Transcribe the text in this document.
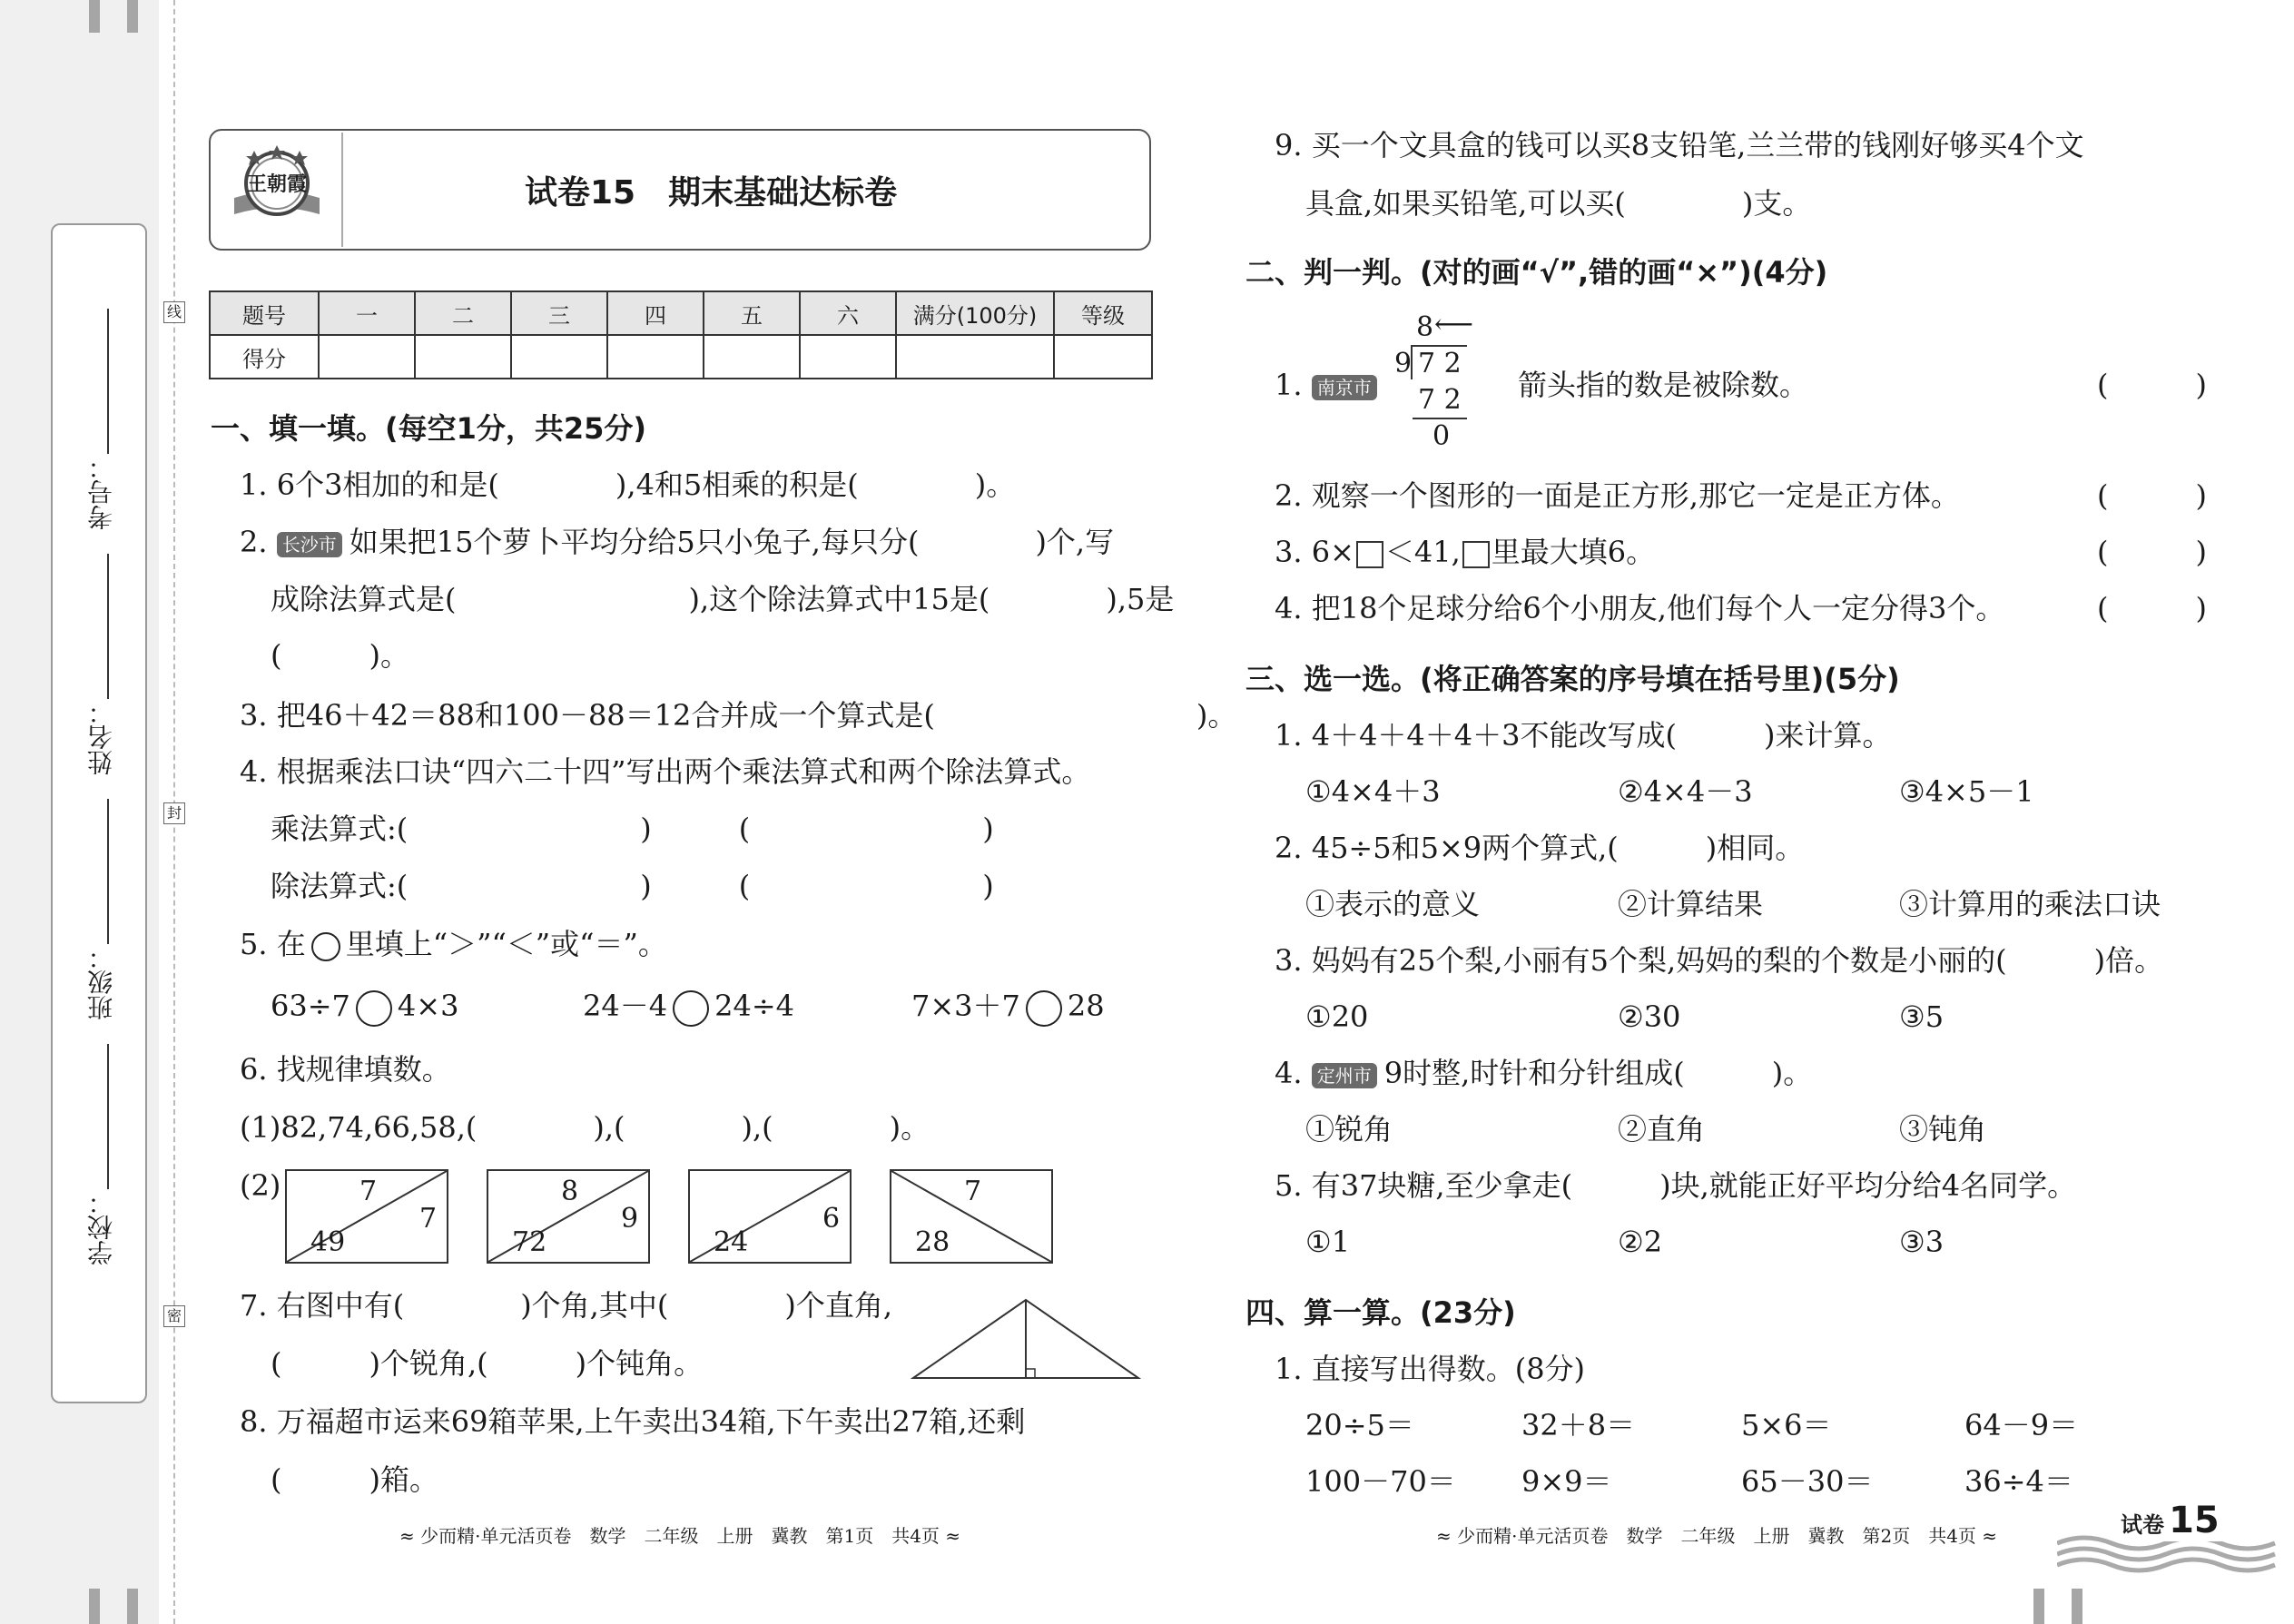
线
封
密
考号：
姓名：
班级：
学校：
王朝霞	试卷15　期末基础达标卷
题号	一	二	三	四	五	六	满分(100分)	等级
得分								
一、填一填。(每空1分，共25分)
1. 6个3相加的和是(　　　　),4和5相乘的积是(　　　　)。
2. 长沙市 如果把15个萝卜平均分给5只小兔子,每只分(　　　　)个,写
成除法算式是(　　　　　　　　),这个除法算式中15是(　　　　),5是
(　　　)。
3. 把46＋42＝88和100－88＝12合并成一个算式是(　　　　　　　　　)。
4. 根据乘法口诀“四六二十四”写出两个乘法算式和两个除法算式。
乘法算式:(　　　　　　　　)　　　(　　　　　　　　)
除法算式:(　　　　　　　　)　　　(　　　　　　　　)
5. 在 里填上“＞”“＜”或“＝”。
63÷7 4×3	24－4 24÷4	7×3＋7 28
6. 找规律填数。
(1)82,74,66,58,(　　　　),(　　　　),(　　　　)。
(2)	7
7
49
8
9
72
6
24
7
28
7. 右图中有(　　　　)个角,其中(　　　　)个直角,
(　　　)个锐角,(　　　)个钝角。
8. 万福超市运来69箱苹果,上午卖出34箱,下午卖出27箱,还剩
(　　　)箱。
≈ 少而精·单元活页卷　数学　二年级　上册　冀教　第1页　共4页 ≈
9. 买一个文具盒的钱可以买8支铅笔,兰兰带的钱刚好够买4个文
具盒,如果买铅笔,可以买(　　　　)支。
二、判一判。(对的画“√”,错的画“×”)(4分)
1. 南京市
8 ⟵
9 7 2
7 2
0
箭头指的数是被除数。	(　　　)
2. 观察一个图形的一面是正方形,那它一定是正方体。	(　　　)
3. 6× ＜41, 里最大填6。	(　　　)
4. 把18个足球分给6个小朋友,他们每个人一定分得3个。	(　　　)
三、选一选。(将正确答案的序号填在括号里)(5分)
1. 4＋4＋4＋4＋3不能改写成(　　　)来计算。
①4×4＋3	②4×4－3	③4×5－1
2. 45÷5和5×9两个算式,(　　　)相同。
①表示的意义	②计算结果	③计算用的乘法口诀
3. 妈妈有25个梨,小丽有5个梨,妈妈的梨的个数是小丽的(　　　)倍。
①20	②30	③5
4. 定州市 9时整,时针和分针组成(　　　)。
①锐角	②直角	③钝角
5. 有37块糖,至少拿走(　　　)块,就能正好平均分给4名同学。
①1	②2	③3
四、算一算。(23分)
1. 直接写出得数。(8分)
20÷5＝	32＋8＝	5×6＝	64－9＝
100－70＝ 9×9＝	65－30＝	36÷4＝
≈ 少而精·单元活页卷　数学　二年级　上册　冀教　第2页　共4页 ≈	试卷 15
